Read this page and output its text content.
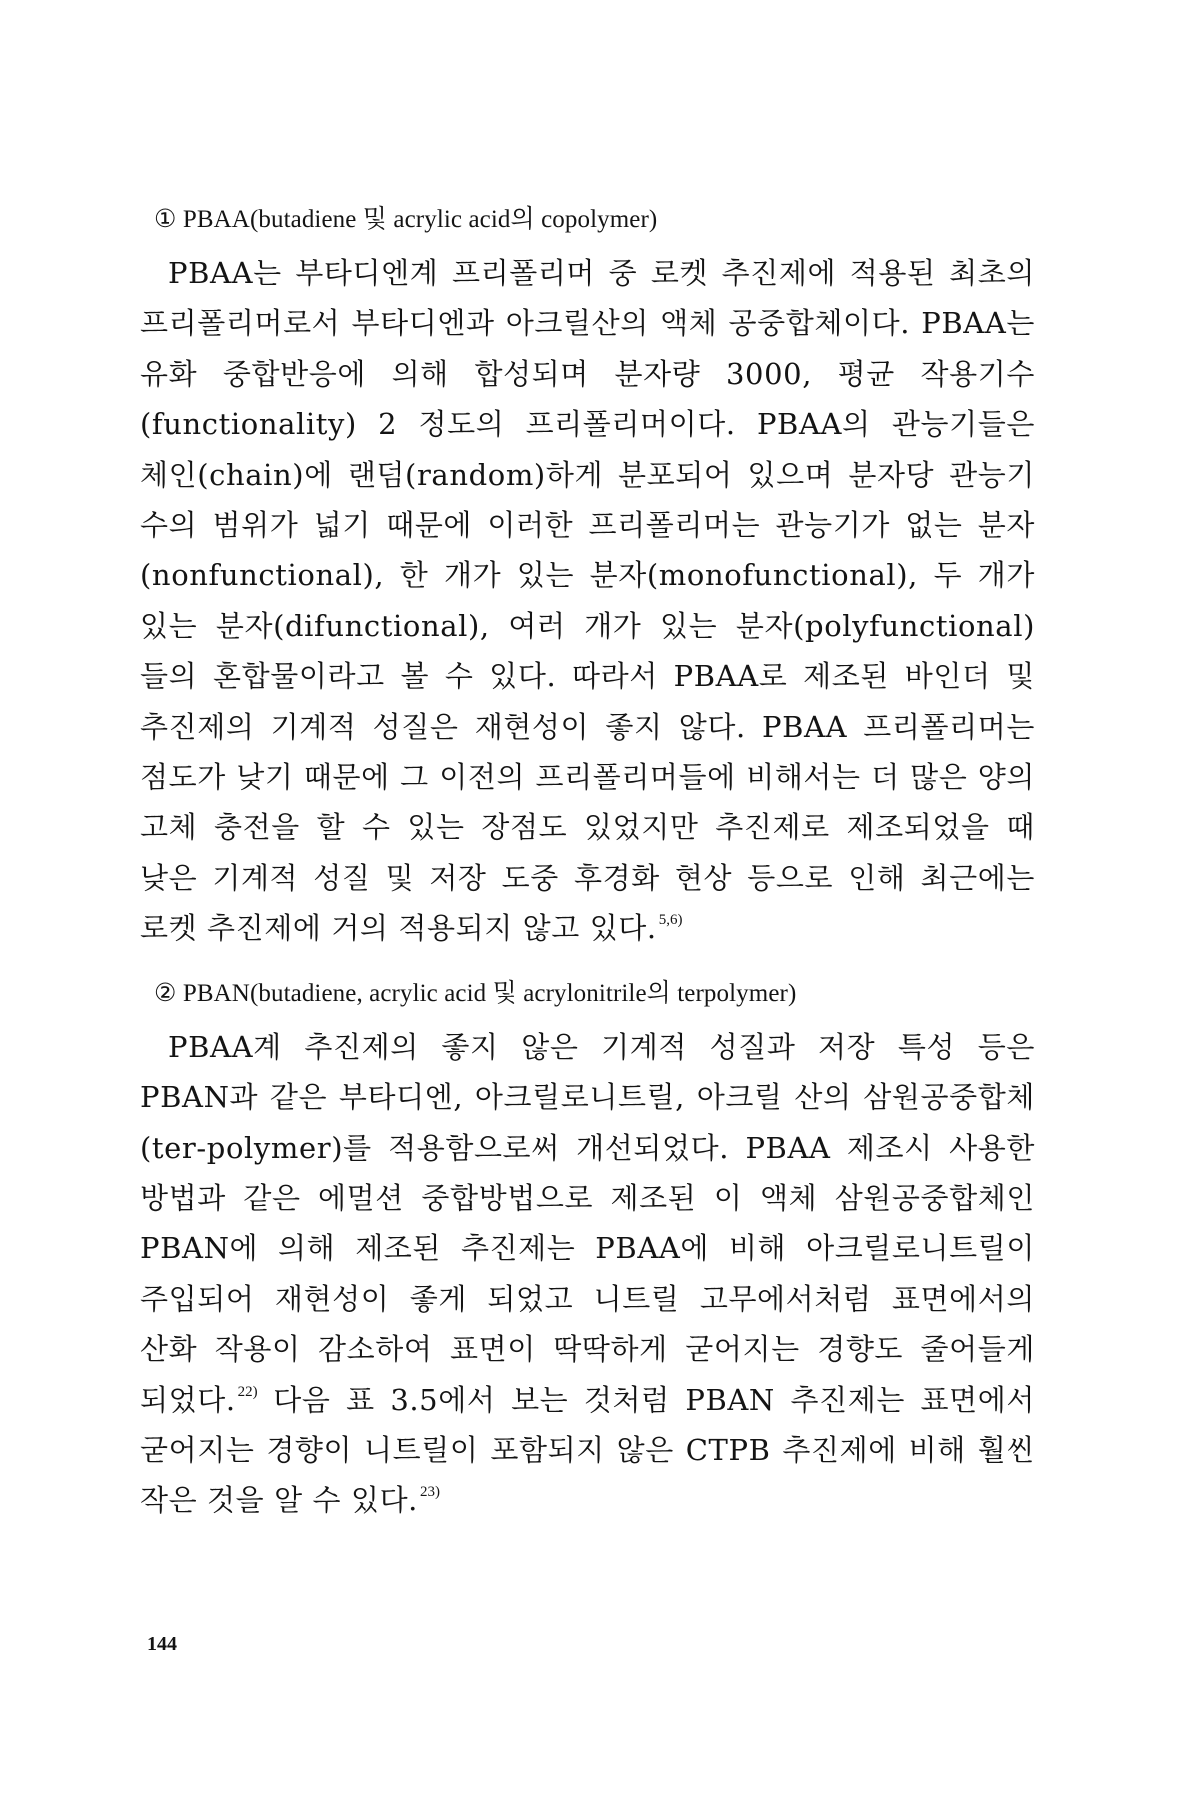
① PBAA(butadiene 및 acrylic acid의 copolymer)

PBAA는 부타디엔계 프리폴리머 중 로켓 추진제에 적용된 최초의 프리폴리머로서 부타디엔과 아크릴산의 액체 공중합체이다. PBAA는 유화 중합반응에 의해 합성되며 분자량 3000, 평균 작용기수(functionality) 2 정도의 프리폴리머이다. PBAA의 관능기들은 체인(chain)에 랜덤(random)하게 분포되어 있으며 분자당 관능기 수의 범위가 넓기 때문에 이러한 프리폴리머는 관능기가 없는 분자(nonfunctional), 한 개가 있는 분자(monofunctional), 두 개가 있는 분자(difunctional), 여러 개가 있는 분자(polyfunctional) 들의 혼합물이라고 볼 수 있다. 따라서 PBAA로 제조된 바인더 및 추진제의 기계적 성질은 재현성이 좋지 않다. PBAA 프리폴리머는 점도가 낮기 때문에 그 이전의 프리폴리머들에 비해서는 더 많은 양의 고체 충전을 할 수 있는 장점도 있었지만 추진제로 제조되었을 때 낮은 기계적 성질 및 저장 도중 후경화 현상 등으로 인해 최근에는 로켓 추진제에 거의 적용되지 않고 있다. $^{5,6)}$

② PBAN(butadiene, acrylic acid 및 acrylonitrile의 terpolymer)

PBAA계 추진제의 좋지 않은 기계적 성질과 저장 특성 등은 PBAN과 같은 부타디엔, 아크릴로니트릴, 아크릴 산의 삼원공중합체(ter-polymer)를 적용함으로써 개선되었다. PBAA 제조시 사용한 방법과 같은 에멀션 중합방법으로 제조된 이 액체 삼원공중합체인 PBAN에 의해 제조된 추진제는 PBAA에 비해 아크릴로니트릴이 주입되어 재현성이 좋게 되었고 니트릴 고무에서처럼 표면에서의 산화 작용이 감소하여 표면이 딱딱하게 굳어지는 경향도 줄어들게 되었다. $^{22)}$ 다음 표 3.5에서 보는 것처럼 PBAN 추진제는 표면에서 굳어지는 경향이 니트릴이 포함되지 않은 CTPB 추진제에 비해 훨씬 작은 것을 알 수 있다. $^{23)}$

144
